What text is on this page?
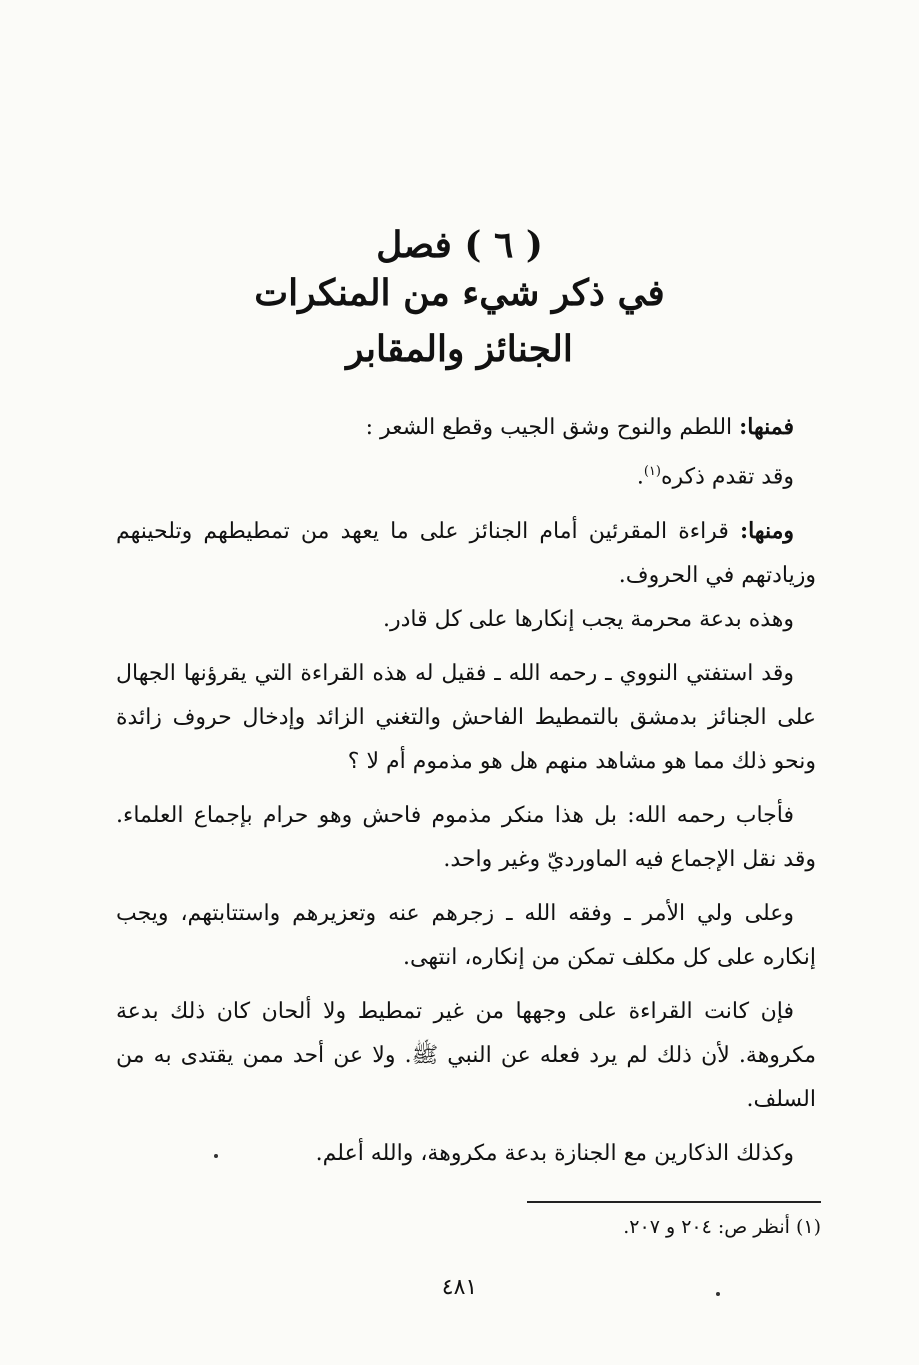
( ٦ ) فصل
في ذكر شيء من المنكرات
الجنائز والمقابر

فمنها: اللطم والنوح وشق الجيب وقطع الشعر :

وقد تقدم ذكره$^{(١)}$.

ومنها: قراءة المقرئين أمام الجنائز على ما يعهد من تمطيطهم وتلحينهم وزيادتهم في الحروف.

وهذه بدعة محرمة يجب إنكارها على كل قادر.

وقد استفتي النووي ـ رحمه الله ـ فقيل له هذه القراءة التي يقرؤنها الجهال على الجنائز بدمشق بالتمطيط الفاحش والتغني الزائد وإدخال حروف زائدة ونحو ذلك مما هو مشاهد منهم هل هو مذموم أم لا ؟

فأجاب رحمه الله: بل هذا منكر مذموم فاحش وهو حرام بإجماع العلماء. وقد نقل الإجماع فيه الماورديّ وغير واحد.

وعلى ولي الأمر ـ وفقه الله ـ زجرهم عنه وتعزيرهم واستتابتهم، ويجب إنكاره على كل مكلف تمكن من إنكاره، انتهى.

فإن كانت القراءة على وجهها من غير تمطيط ولا ألحان كان ذلك بدعة مكروهة. لأن ذلك لم يرد فعله عن النبي ﷺ. ولا عن أحد ممن يقتدى به من السلف.

وكذلك الذكارين مع الجنازة بدعة مكروهة، والله أعلم.

(١) أنظر ص: ٢٠٤ و ٢٠٧.
٤٨١
